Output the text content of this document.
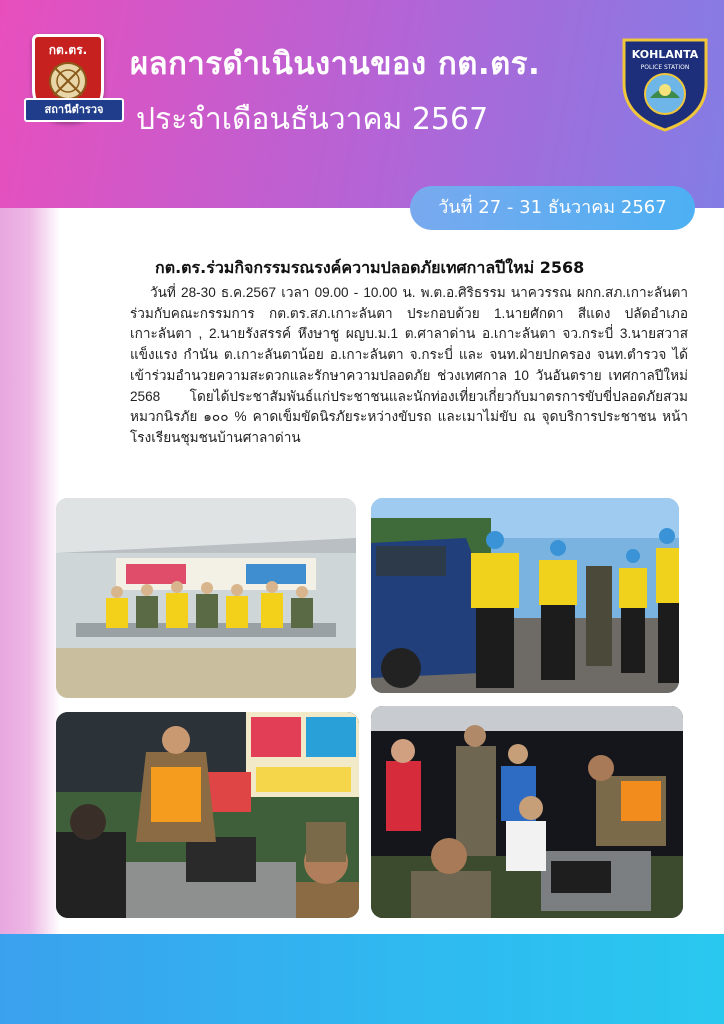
กต.ตร.
สถานีตำรวจ
ผลการดำเนินงานของ กต.ตร.
ประจำเดือนธันวาคม 2567
KOHLANTA
POLICE STATION
วันที่ 27 - 31 ธันวาคม 2567
กต.ตร.ร่วมกิจกรรมรณรงค์ความปลอดภัยเทศกาลปีใหม่ 2568
วันที่ 28-30 ธ.ค.2567 เวลา 09.00 - 10.00 น. พ.ต.อ.ศิริธรรม นาควรรณ ผกก.สภ.เกาะลันตา ร่วมกับคณะกรรมการ กต.ตร.สภ.เกาะลันตา ประกอบด้วย 1.นายศักดา สีแดง ปลัดอำเภอเกาะลันตา , 2.นายรังสรรค์ หึงษาชู ผญบ.ม.1 ต.ศาลาด่าน อ.เกาะลันตา จว.กระบี่ 3.นายสวาส แข็งแรง กำนัน ต.เกาะลันตาน้อย อ.เกาะลันตา จ.กระบี่ และ จนท.ฝ่ายปกครอง จนท.ตำรวจ ได้เข้าร่วมอำนวยความสะดวกและรักษาความปลอดภัย ช่วงเทศกาล 10 วันอันตราย เทศกาลปีใหม่ 2568 โดยได้ประชาสัมพันธ์แก่ประชาชนและนักท่องเที่ยวเกี่ยวกับมาตรการขับขี่ปลอดภัยสวมหมวกนิรภัย ๑๐๐ % คาดเข็มขัดนิรภัยระหว่างขับรถ และเมาไม่ขับ ณ จุดบริการประชาชน หน้าโรงเรียนชุมชนบ้านศาลาด่าน
